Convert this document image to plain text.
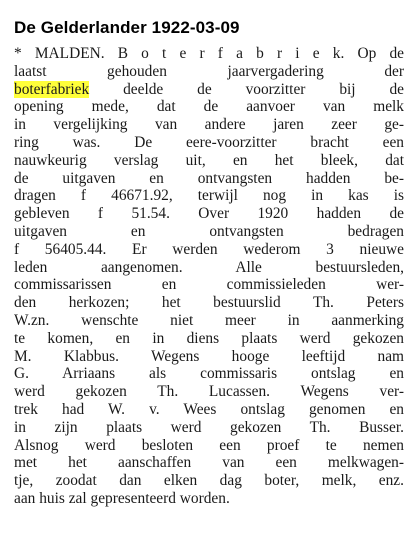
De Gelderlander 1922-03-09
* MALDEN. B o t e r f a b r i e k. Op de
laatst gehouden jaarvergadering der
boterfabriek deelde de voorzitter bij de
opening mede, dat de aanvoer van melk
in vergelijking van andere jaren zeer ge-
ring was. De eere-voorzitter bracht een
nauwkeurig verslag uit, en het bleek, dat
de uitgaven en ontvangsten hadden be-
dragen f 46671.92, terwijl nog in kas is
gebleven f 51.54. Over 1920 hadden de
uitgaven en ontvangsten bedragen
f 56405.44. Er werden wederom 3 nieuwe
leden aangenomen. Alle bestuursleden,
commissarissen en commissieleden wer-
den herkozen; het bestuurslid Th. Peters
W.zn. wenschte niet meer in aanmerking
te komen, en in diens plaats werd gekozen
M. Klabbus. Wegens hooge leeftijd nam
G. Arriaans als commissaris ontslag en
werd gekozen Th. Lucassen. Wegens ver-
trek had W. v. Wees ontslag genomen en
in zijn plaats werd gekozen Th. Busser.
Alsnog werd besloten een proef te nemen
met het aanschaffen van een melkwagen-
tje, zoodat dan elken dag boter, melk, enz.
aan huis zal gepresenteerd worden.
